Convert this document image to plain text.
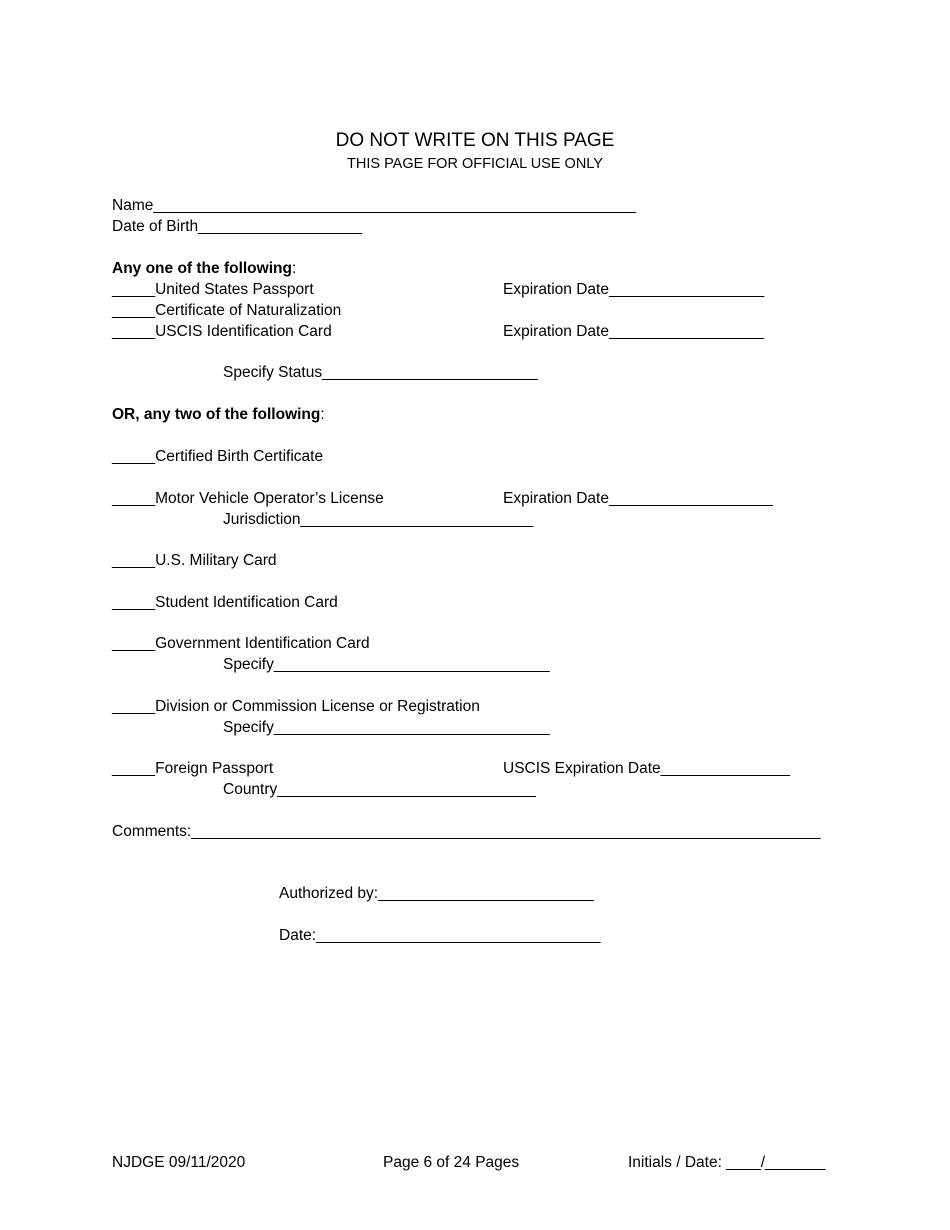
DO NOT WRITE ON THIS PAGE
THIS PAGE FOR OFFICIAL USE ONLY
Name________________________________________________________
Date of Birth___________________
Any one of the following:
_____United States Passport	Expiration Date__________________
_____Certificate of Naturalization
_____USCIS Identification Card	Expiration Date__________________
Specify Status_________________________
OR, any two of the following:
_____Certified Birth Certificate
_____Motor Vehicle Operator’s License	Expiration Date___________________
Jurisdiction___________________________
_____U.S. Military Card
_____Student Identification Card
_____Government Identification Card
Specify________________________________
_____Division or Commission License or Registration
Specify________________________________
_____Foreign Passport	USCIS Expiration Date_______________
Country______________________________
Comments:_________________________________________________________________________
Authorized by:_________________________
Date:_________________________________
NJDGE 09/11/2020	Page 6 of 24 Pages	Initials / Date: ____/_______
